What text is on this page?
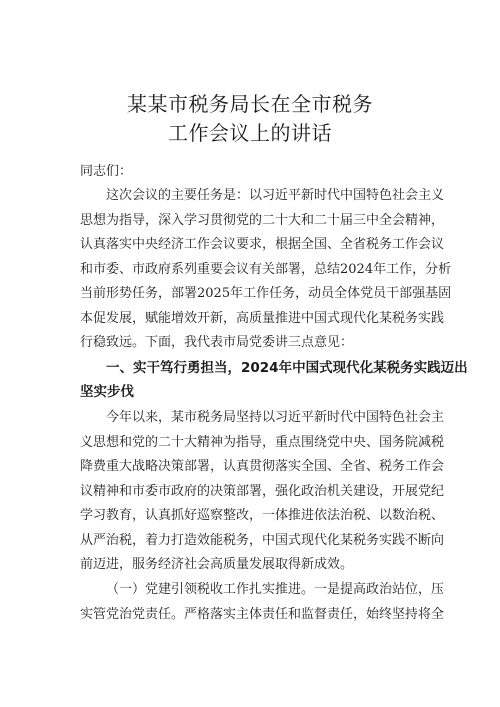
某某市税务局长在全市税务
工作会议上的讲话
同志们：
这次会议的主要任务是：以习近平新时代中国特色社会主义
思想为指导，深入学习贯彻党的二十大和二十届三中全会精神，
认真落实中央经济工作会议要求，根据全国、全省税务工作会议
和市委、市政府系列重要会议有关部署，总结2024年工作，分析
当前形势任务，部署2025年工作任务，动员全体党员干部强基固
本促发展，赋能增效开新，高质量推进中国式现代化某税务实践
行稳致远。下面，我代表市局党委讲三点意见：
一、实干笃行勇担当，2024年中国式现代化某税务实践迈出
坚实步伐
今年以来，某市税务局坚持以习近平新时代中国特色社会主
义思想和党的二十大精神为指导，重点围绕党中央、国务院减税
降费重大战略决策部署，认真贯彻落实全国、全省、税务工作会
议精神和市委市政府的决策部署，强化政治机关建设，开展党纪
学习教育，认真抓好巡察整改，一体推进依法治税、以数治税、
从严治税，着力打造效能税务，中国式现代化某税务实践不断向
前迈进，服务经济社会高质量发展取得新成效。
（一）党建引领税收工作扎实推进。一是提高政治站位，压
实管党治党责任。严格落实主体责任和监督责任，始终坚持将全
